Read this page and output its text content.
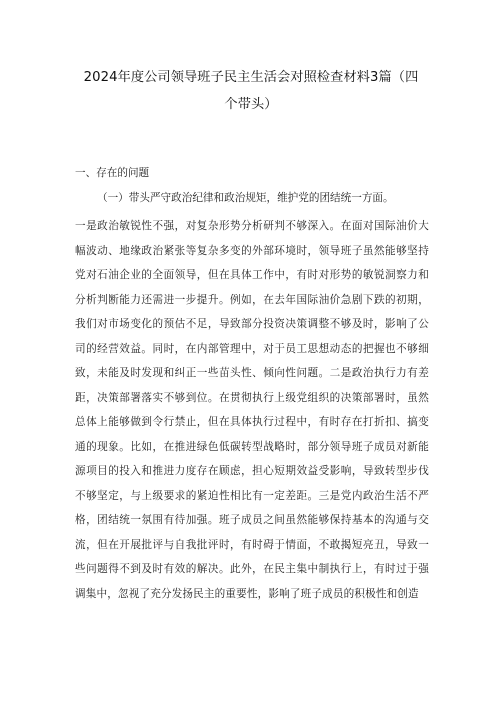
2024年度公司领导班子民主生活会对照检查材料3篇（四个带头）
一、存在的问题
（一）带头严守政治纪律和政治规矩，维护党的团结统一方面。
一是政治敏锐性不强，对复杂形势分析研判不够深入。在面对国际油价大幅波动、地缘政治紧张等复杂多变的外部环境时，领导班子虽然能够坚持党对石油企业的全面领导，但在具体工作中，有时对形势的敏锐洞察力和分析判断能力还需进一步提升。例如，在去年国际油价急剧下跌的初期，我们对市场变化的预估不足，导致部分投资决策调整不够及时，影响了公司的经营效益。同时，在内部管理中，对于员工思想动态的把握也不够细致，未能及时发现和纠正一些苗头性、倾向性问题。二是政治执行力有差距，决策部署落实不够到位。在贯彻执行上级党组织的决策部署时，虽然总体上能够做到令行禁止，但在具体执行过程中，有时存在打折扣、搞变通的现象。比如，在推进绿色低碳转型战略时，部分领导班子成员对新能源项目的投入和推进力度存在顾虑，担心短期效益受影响，导致转型步伐不够坚定，与上级要求的紧迫性相比有一定差距。三是党内政治生活不严格，团结统一氛围有待加强。班子成员之间虽然能够保持基本的沟通与交流，但在开展批评与自我批评时，有时碍于情面，不敢揭短亮丑，导致一些问题得不到及时有效的解决。此外，在民主集中制执行上，有时过于强调集中，忽视了充分发扬民主的重要性，影响了班子成员的积极性和创造
